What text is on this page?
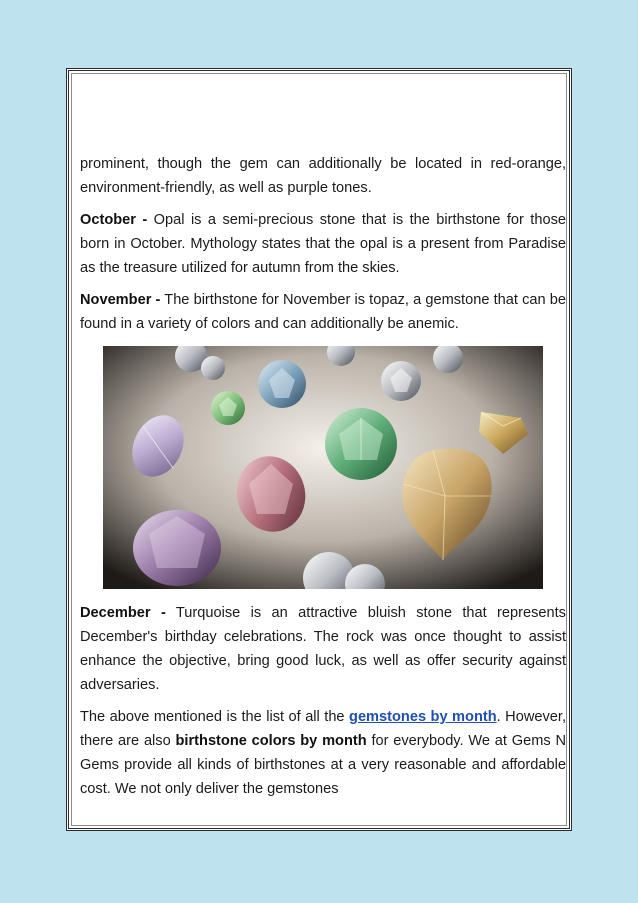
prominent, though the gem can additionally be located in red-orange, environment-friendly, as well as purple tones.

October - Opal is a semi-precious stone that is the birthstone for those born in October. Mythology states that the opal is a present from Paradise as the treasure utilized for autumn from the skies.

November - The birthstone for November is topaz, a gemstone that can be found in a variety of colors and can additionally be anemic.

December - Turquoise is an attractive bluish stone that represents December's birthday celebrations. The rock was once thought to assist enhance the objective, bring good luck, as well as offer security against adversaries.

The above mentioned is the list of all the gemstones by month. However, there are also birthstone colors by month for everybody. We at Gems N Gems provide all kinds of birthstones at a very reasonable and affordable cost. We not only deliver the gemstones
